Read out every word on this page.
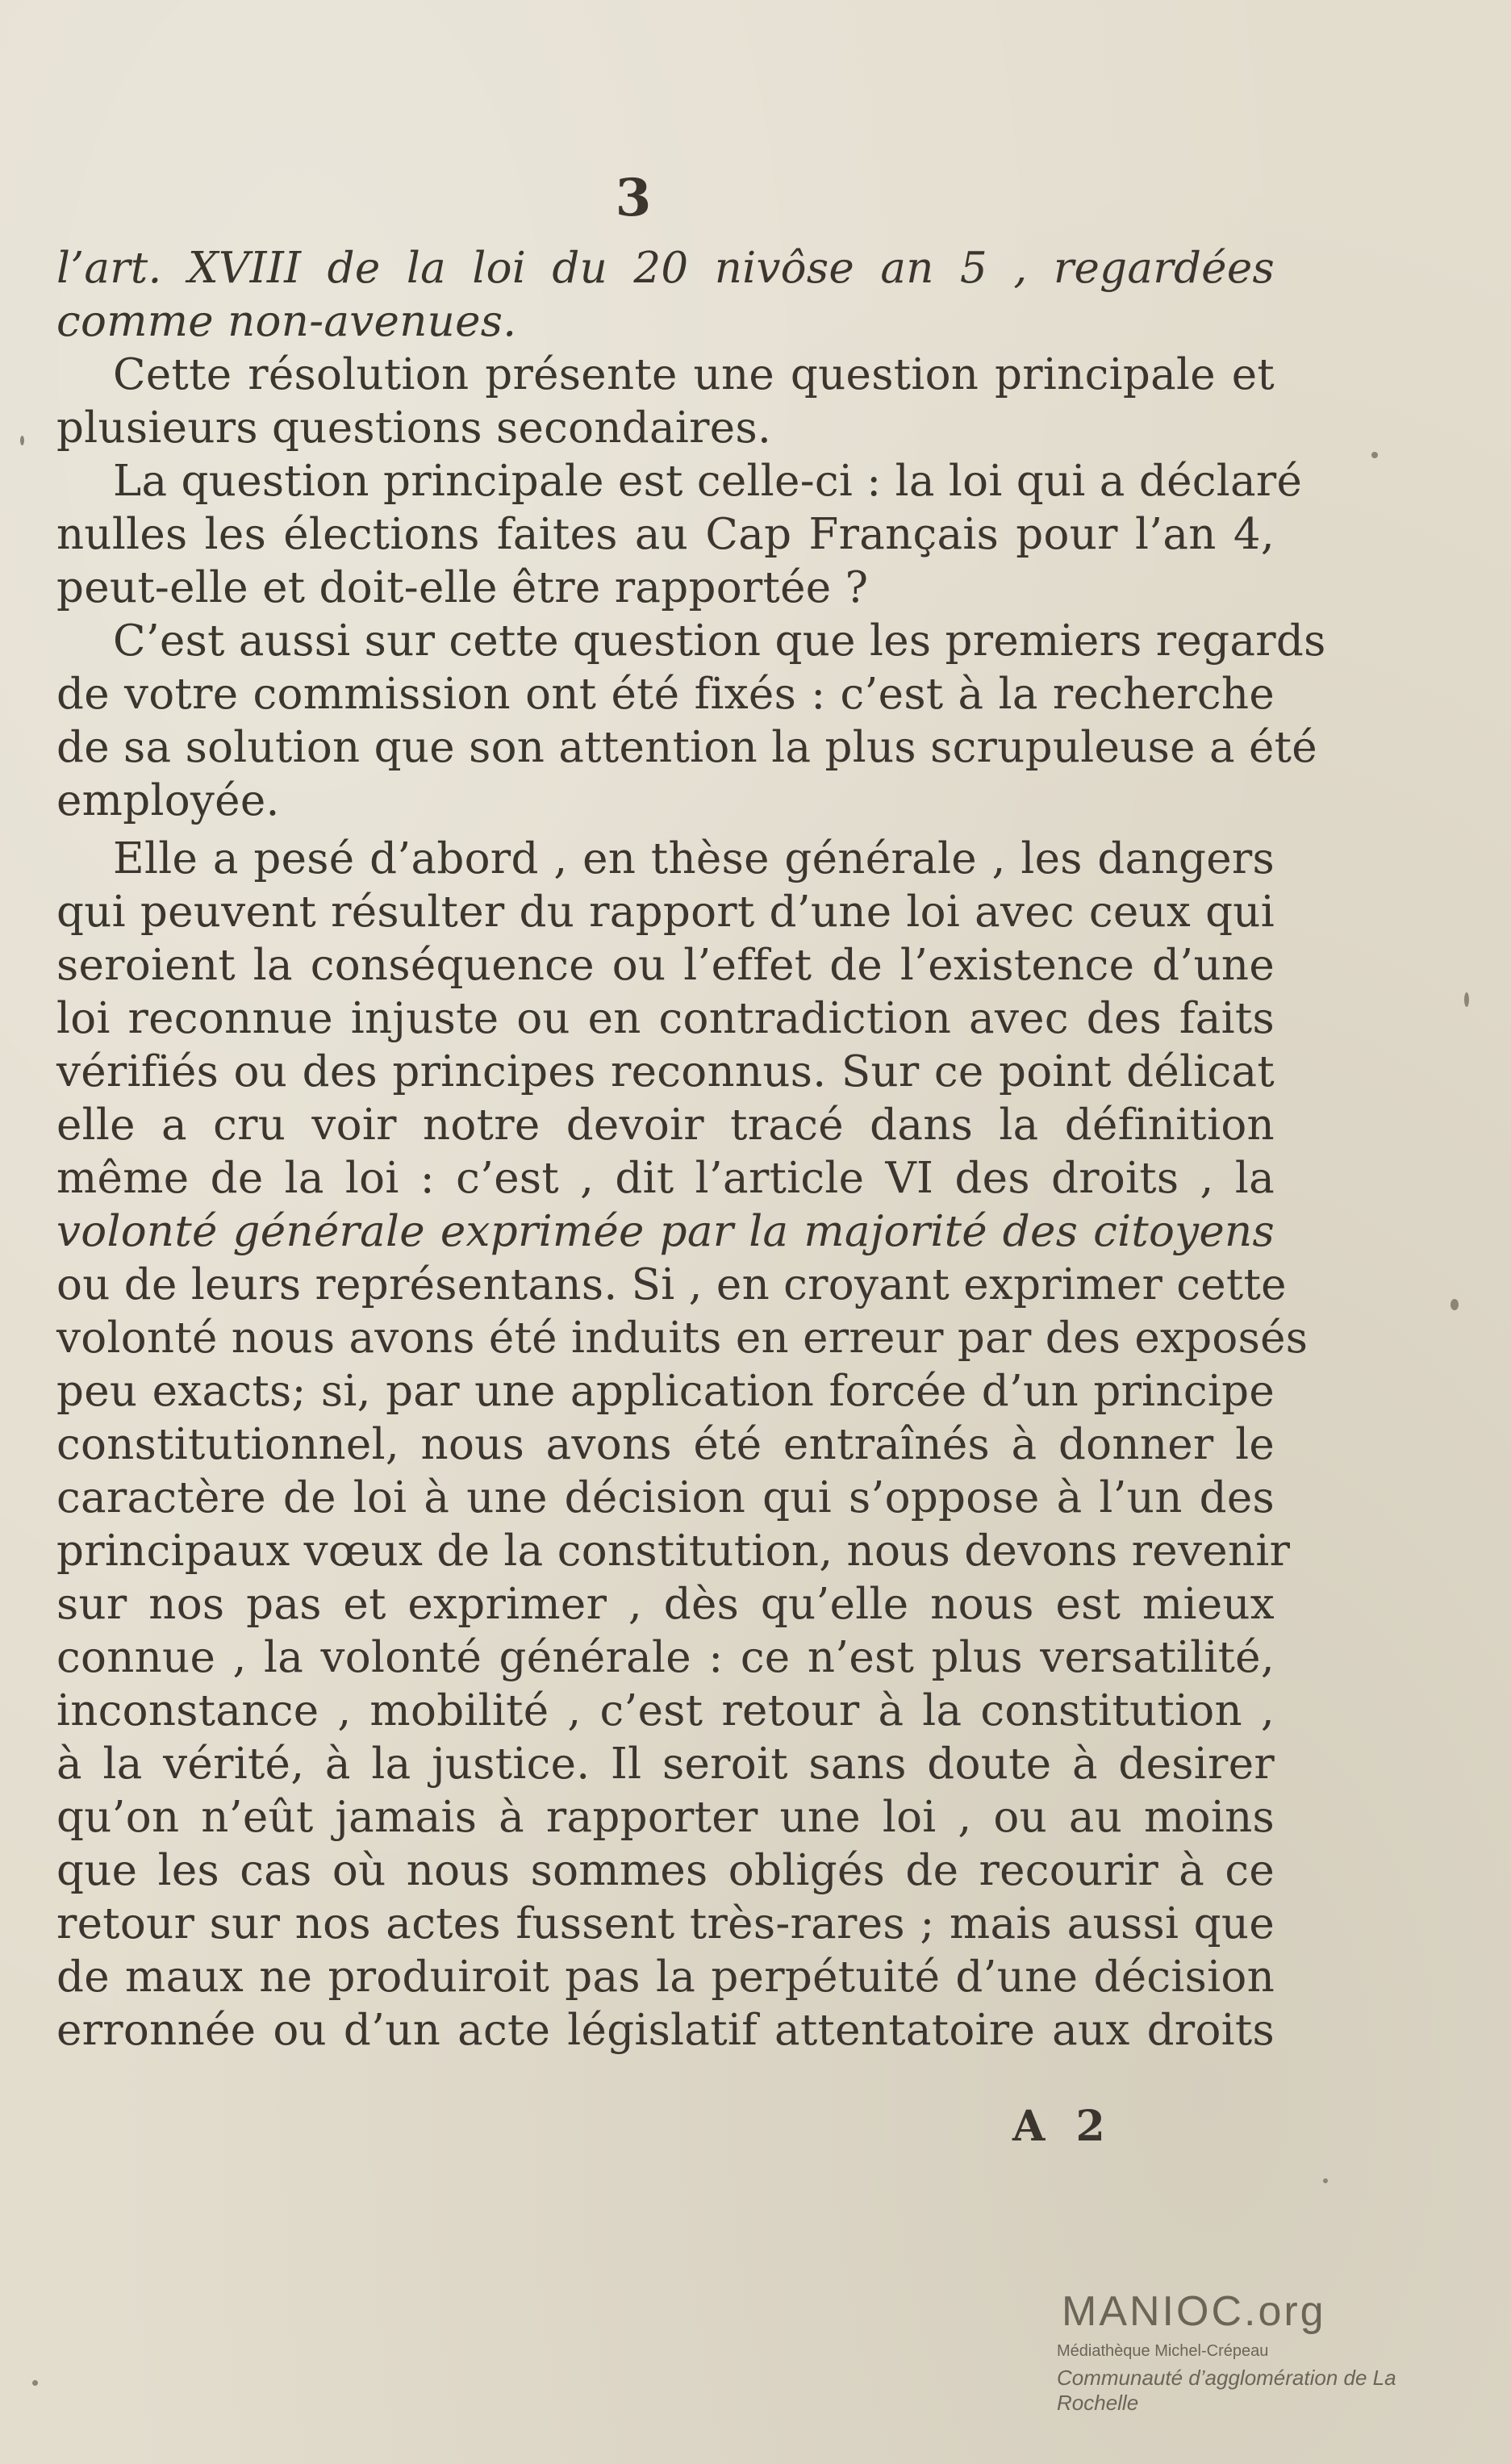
3
l’art. XVIII de la loi du 20 nivôse an 5 , regardées
comme non-avenues.
Cette résolution présente une question principale et
plusieurs questions secondaires.
La question principale est celle-ci : la loi qui a déclaré
nulles les élections faites au Cap Français pour l’an 4,
peut-elle et doit-elle être rapportée ?
C’est aussi sur cette question que les premiers regards
de votre commission ont été fixés : c’est à la recherche
de sa solution que son attention la plus scrupuleuse a été
employée.
Elle a pesé d’abord , en thèse générale , les dangers
qui peuvent résulter du rapport d’une loi avec ceux qui
seroient la conséquence ou l’effet de l’existence d’une
loi reconnue injuste ou en contradiction avec des faits
vérifiés ou des principes reconnus. Sur ce point délicat
elle a cru voir notre devoir tracé dans la définition
même de la loi : c’est , dit l’article VI des droits , la
volonté générale exprimée par la majorité des citoyens
ou de leurs représentans. Si , en croyant exprimer cette
volonté nous avons été induits en erreur par des exposés
peu exacts; si, par une application forcée d’un principe
constitutionnel, nous avons été entraînés à donner le
caractère de loi à une décision qui s’oppose à l’un des
principaux vœux de la constitution, nous devons revenir
sur nos pas et exprimer , dès qu’elle nous est mieux
connue , la volonté générale : ce n’est plus versatilité,
inconstance , mobilité , c’est retour à la constitution ,
à la vérité, à la justice. Il seroit sans doute à desirer
qu’on n’eût jamais à rapporter une loi , ou au moins
que les cas où nous sommes obligés de recourir à ce
retour sur nos actes fussent très-rares ; mais aussi que
de maux ne produiroit pas la perpétuité d’une décision
erronnée ou d’un acte législatif attentatoire aux droits
A 2
MANIOC.org
Médiathèque Michel-Crépeau
Communauté d’agglomération de La Rochelle
